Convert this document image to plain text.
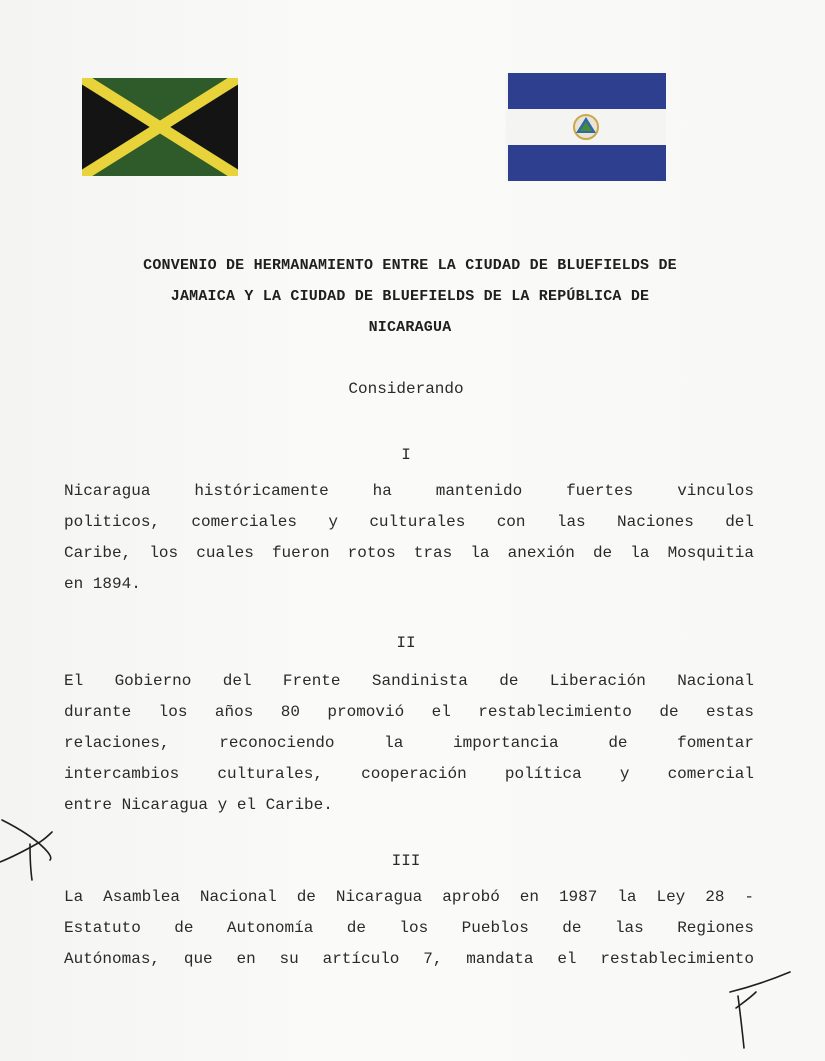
CONVENIO DE HERMANAMIENTO ENTRE LA CIUDAD DE BLUEFIELDS DE
JAMAICA Y LA CIUDAD DE BLUEFIELDS DE LA REPÚBLICA DE
NICARAGUA
Considerando
I
Nicaragua históricamente ha mantenido fuertes vinculos
politicos, comerciales y culturales con las Naciones del
Caribe, los cuales fueron rotos tras la anexión de la Mosquitia
en 1894.
II
El Gobierno del Frente Sandinista de Liberación Nacional
durante los años 80 promovió el restablecimiento de estas
relaciones, reconociendo la importancia de fomentar
intercambios culturales, cooperación política y comercial
entre Nicaragua y el Caribe.
III
La Asamblea Nacional de Nicaragua aprobó en 1987 la Ley 28 -
Estatuto de Autonomía de los Pueblos de las Regiones
Autónomas, que en su artículo 7, mandata el restablecimiento
